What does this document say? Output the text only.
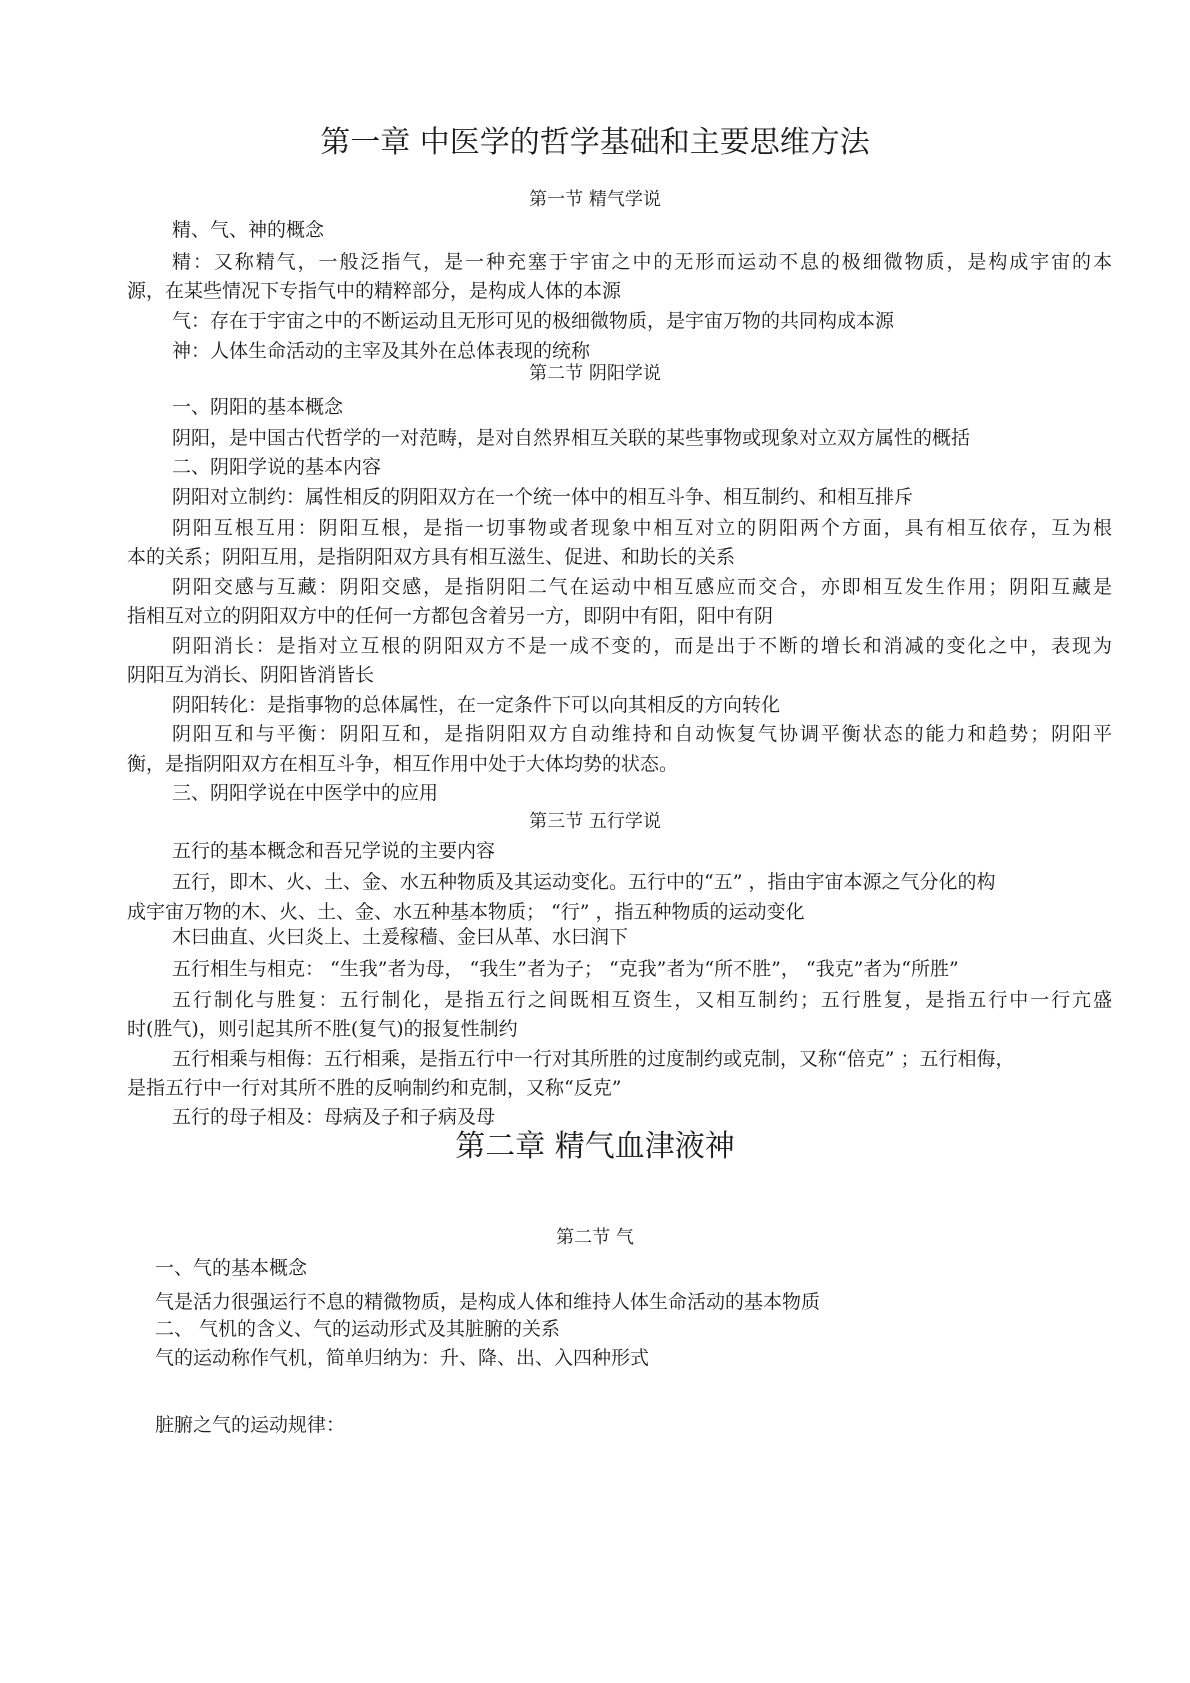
第一章 中医学的哲学基础和主要思维方法
第一节 精气学说
精、气、神的概念
精：又称精气，一般泛指气，是一种充塞于宇宙之中的无形而运动不息的极细微物质，是构成宇宙的本
源，在某些情况下专指气中的精粹部分，是构成人体的本源
气：存在于宇宙之中的不断运动且无形可见的极细微物质，是宇宙万物的共同构成本源
神：人体生命活动的主宰及其外在总体表现的统称
第二节 阴阳学说
一、阴阳的基本概念
阴阳，是中国古代哲学的一对范畴，是对自然界相互关联的某些事物或现象对立双方属性的概括
二、阴阳学说的基本内容
阴阳对立制约：属性相反的阴阳双方在一个统一体中的相互斗争、相互制约、和相互排斥
阴阳互根互用：阴阳互根，是指一切事物或者现象中相互对立的阴阳两个方面，具有相互依存，互为根
本的关系；阴阳互用，是指阴阳双方具有相互滋生、促进、和助长的关系
阴阳交感与互藏：阴阳交感，是指阴阳二气在运动中相互感应而交合，亦即相互发生作用；阴阳互藏是
指相互对立的阴阳双方中的任何一方都包含着另一方，即阴中有阳，阳中有阴
阴阳消长：是指对立互根的阴阳双方不是一成不变的，而是出于不断的增长和消减的变化之中，表现为
阴阳互为消长、阴阳皆消皆长
阴阳转化：是指事物的总体属性，在一定条件下可以向其相反的方向转化
阴阳互和与平衡：阴阳互和，是指阴阳双方自动维持和自动恢复气协调平衡状态的能力和趋势；阴阳平
衡，是指阴阳双方在相互斗争，相互作用中处于大体均势的状态。
三、阴阳学说在中医学中的应用
第三节 五行学说
五行的基本概念和吾兄学说的主要内容
五行，即木、火、土、金、水五种物质及其运动变化。五行中的“五” ，指由宇宙本源之气分化的构
成宇宙万物的木、火、土、金、水五种基本物质； “行” ，指五种物质的运动变化
木曰曲直、火曰炎上、土爰稼穑、金曰从革、水曰润下
五行相生与相克： “生我”者为母， “我生”者为子； “克我”者为“所不胜”， “我克”者为“所胜”
五行制化与胜复：五行制化，是指五行之间既相互资生，又相互制约；五行胜复，是指五行中一行亢盛
时(胜气)，则引起其所不胜(复气)的报复性制约
五行相乘与相侮：五行相乘，是指五行中一行对其所胜的过度制约或克制，又称“倍克” ；五行相侮，
是指五行中一行对其所不胜的反响制约和克制，又称“反克”
五行的母子相及：母病及子和子病及母
第二章 精气血津液神
第二节 气
一、气的基本概念
气是活力很强运行不息的精微物质，是构成人体和维持人体生命活动的基本物质
二、 气机的含义、气的运动形式及其脏腑的关系
气的运动称作气机，简单归纳为：升、降、出、入四种形式
脏腑之气的运动规律：
